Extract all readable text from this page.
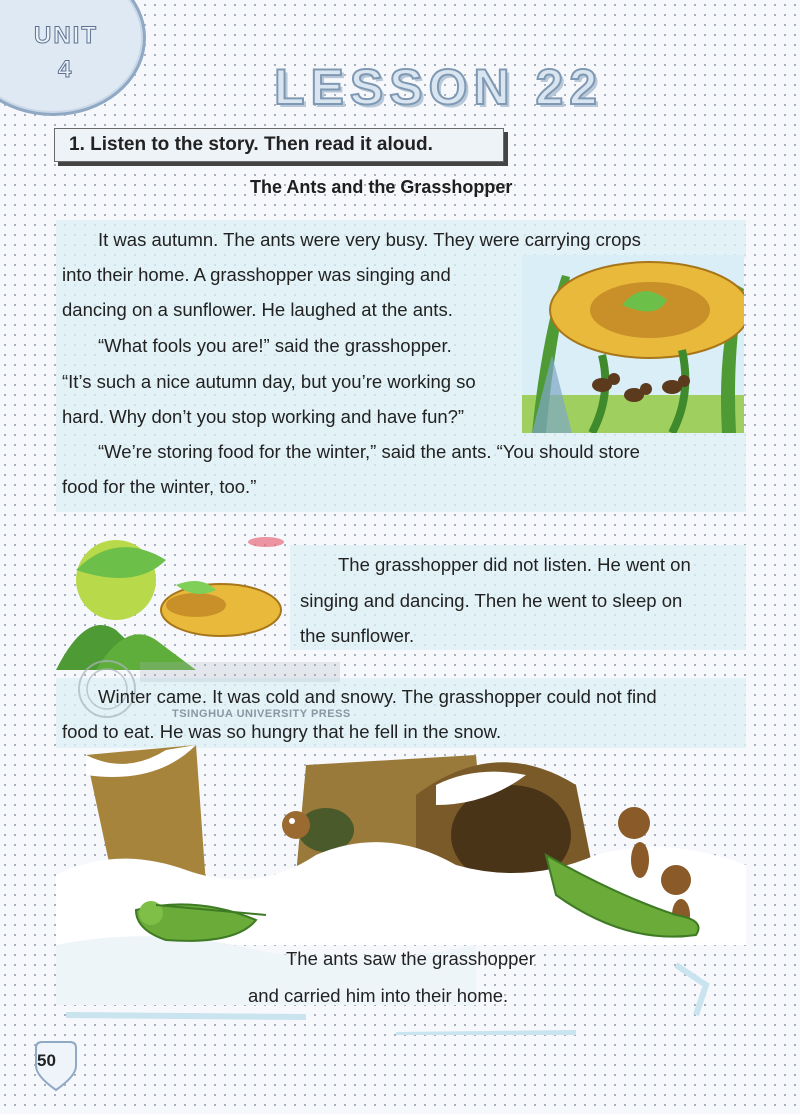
UNIT
4	LESSON 22
1. Listen to the story. Then read it aloud.
The Ants and the Grasshopper
It was autumn. The ants were very busy. They were carrying crops
into their home. A grasshopper was singing and
dancing on a sunflower. He laughed at the ants.
“What fools you are!” said the grasshopper.
“It’s such a nice autumn day, but you’re working so
hard. Why don’t you stop working and have fun?”
“We’re storing food for the winter,” said the ants. “You should store
food for the winter, too.”
The grasshopper did not listen. He went on
singing and dancing. Then he went to sleep on
the sunflower.
TSINGHUA UNIVERSITY PRESS
Winter came. It was cold and snowy. The grasshopper could not find
food to eat. He was so hungry that he fell in the snow.
The ants saw the grasshopper
and carried him into their home.
50
